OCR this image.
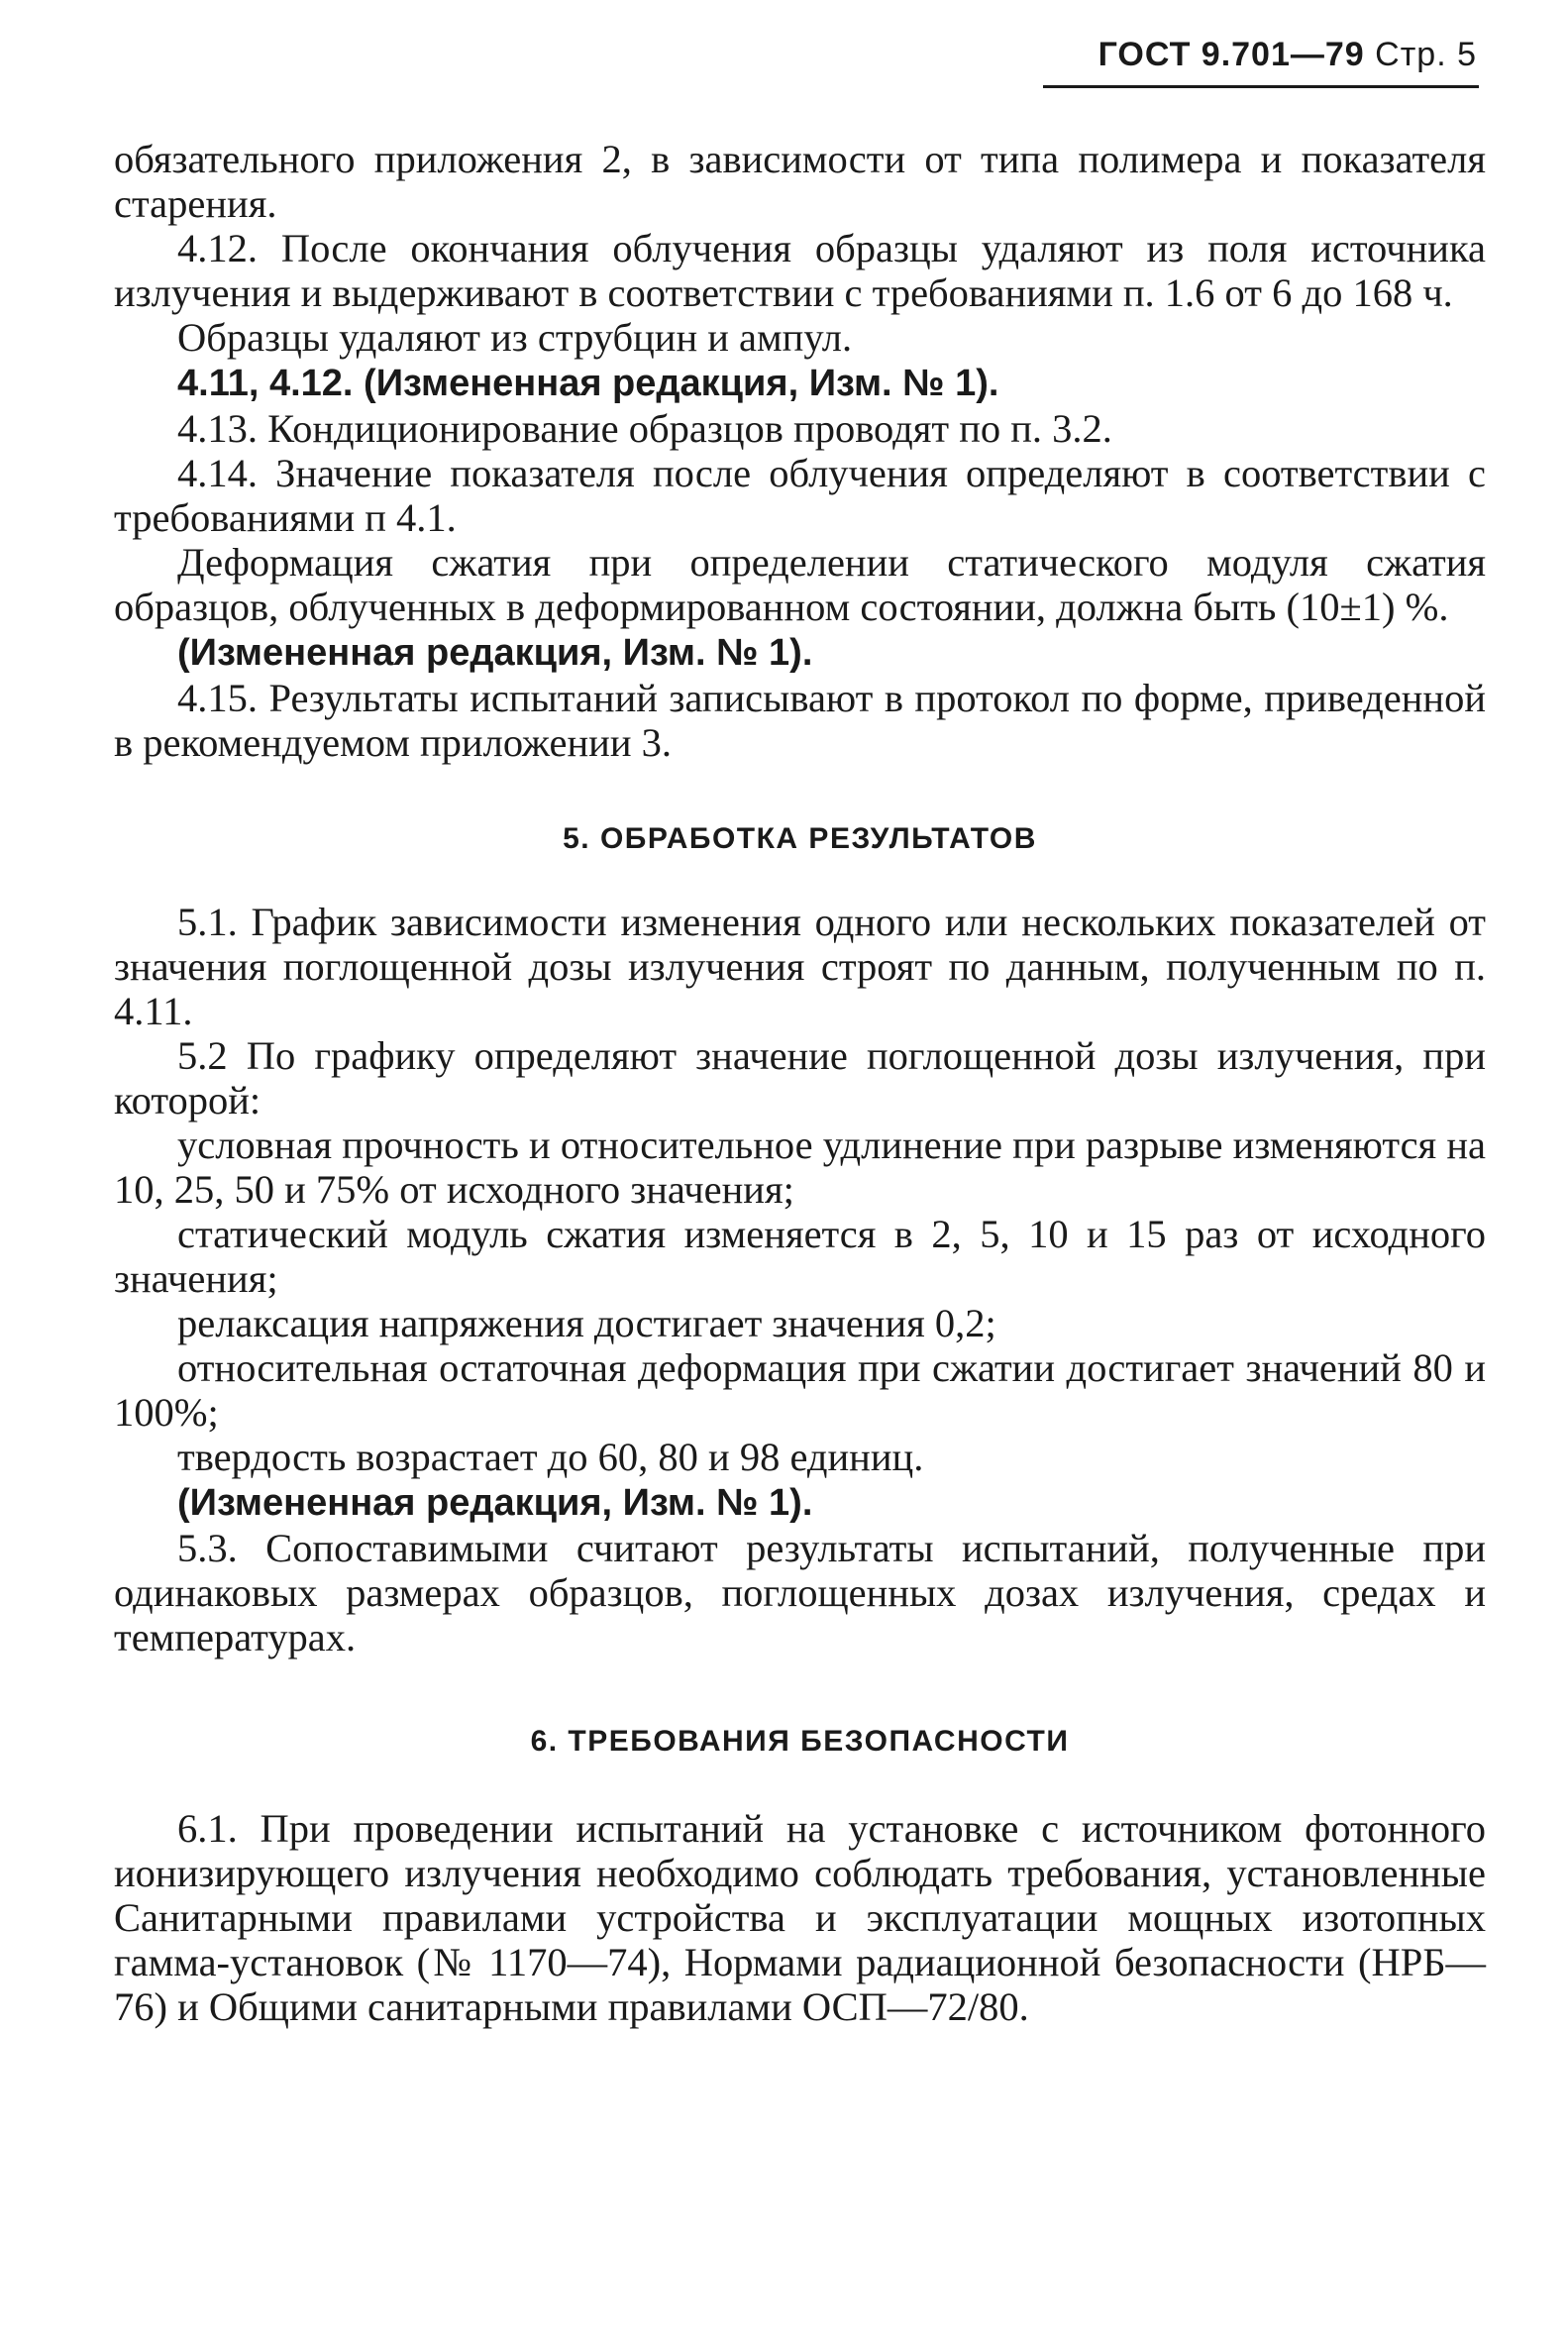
ГОСТ 9.701—79 Стр. 5

обязательного приложения 2, в зависимости от типа полимера и показателя старения.

4.12. После окончания облучения образцы удаляют из поля источника излучения и выдерживают в соответствии с требованиями п. 1.6 от 6 до 168 ч.

Образцы удаляют из струбцин и ампул.

4.11, 4.12. (Измененная редакция, Изм. № 1).

4.13. Кондиционирование образцов проводят по п. 3.2.

4.14. Значение показателя после облучения определяют в соответствии с требованиями п 4.1.

Деформация сжатия при определении статического модуля сжатия образцов, облученных в деформированном состоянии, должна быть (10±1) %.

(Измененная редакция, Изм. № 1).

4.15. Результаты испытаний записывают в протокол по форме, приведенной в рекомендуемом приложении 3.

5. ОБРАБОТКА РЕЗУЛЬТАТОВ

5.1. График зависимости изменения одного или нескольких показателей от значения поглощенной дозы излучения строят по данным, полученным по п. 4.11.

5.2 По графику определяют значение поглощенной дозы излучения, при которой:

условная прочность и относительное удлинение при разрыве изменяются на 10, 25, 50 и 75% от исходного значения;

статический модуль сжатия изменяется в 2, 5, 10 и 15 раз от исходного значения;

релаксация напряжения достигает значения 0,2;

относительная остаточная деформация при сжатии достигает значений 80 и 100%;

твердость возрастает до 60, 80 и 98 единиц.

(Измененная редакция, Изм. № 1).

5.3. Сопоставимыми считают результаты испытаний, полученные при одинаковых размерах образцов, поглощенных дозах излучения, средах и температурах.

6. ТРЕБОВАНИЯ БЕЗОПАСНОСТИ

6.1. При проведении испытаний на установке с источником фотонного ионизирующего излучения необходимо соблюдать требования, установленные Санитарными правилами устройства и эксплуатации мощных изотопных гамма-установок (№ 1170—74), Нормами радиационной безопасности (НРБ—76) и Общими санитарными правилами ОСП—72/80.
